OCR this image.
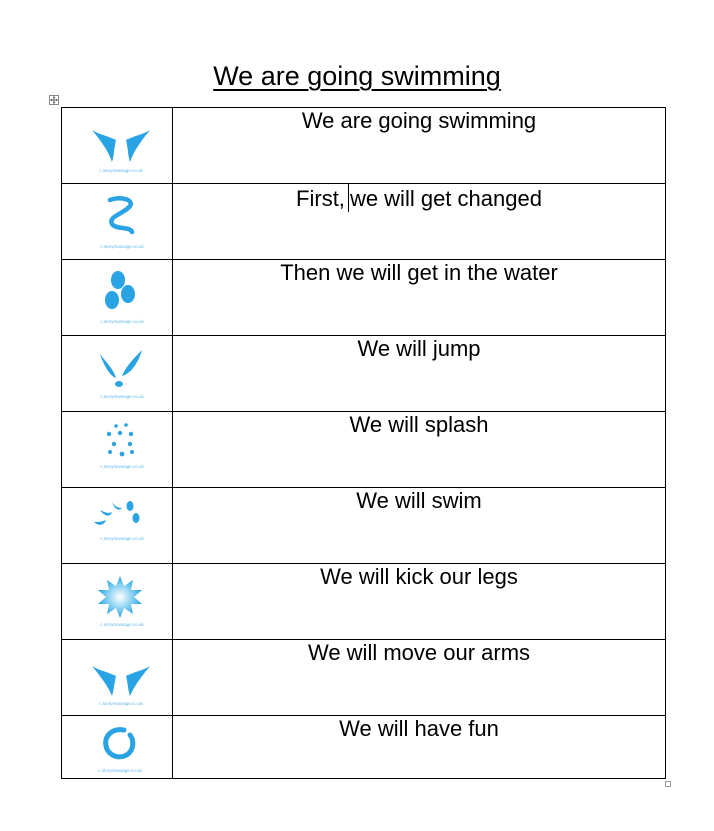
We are going swimming
c.storymassage.co.uk	We are going swimming

c.storymassage.co.uk	First, we will get changed

c.storymassage.co.uk	Then we will get in the water

c.storymassage.co.uk	We will jump

c.storymassage.co.uk	We will splash

c.storymassage.co.uk	We will swim

c.storymassage.co.uk	We will kick our legs

c.storymassage.co.uk	We will move our arms

c.storymassage.co.uk	We will have fun
